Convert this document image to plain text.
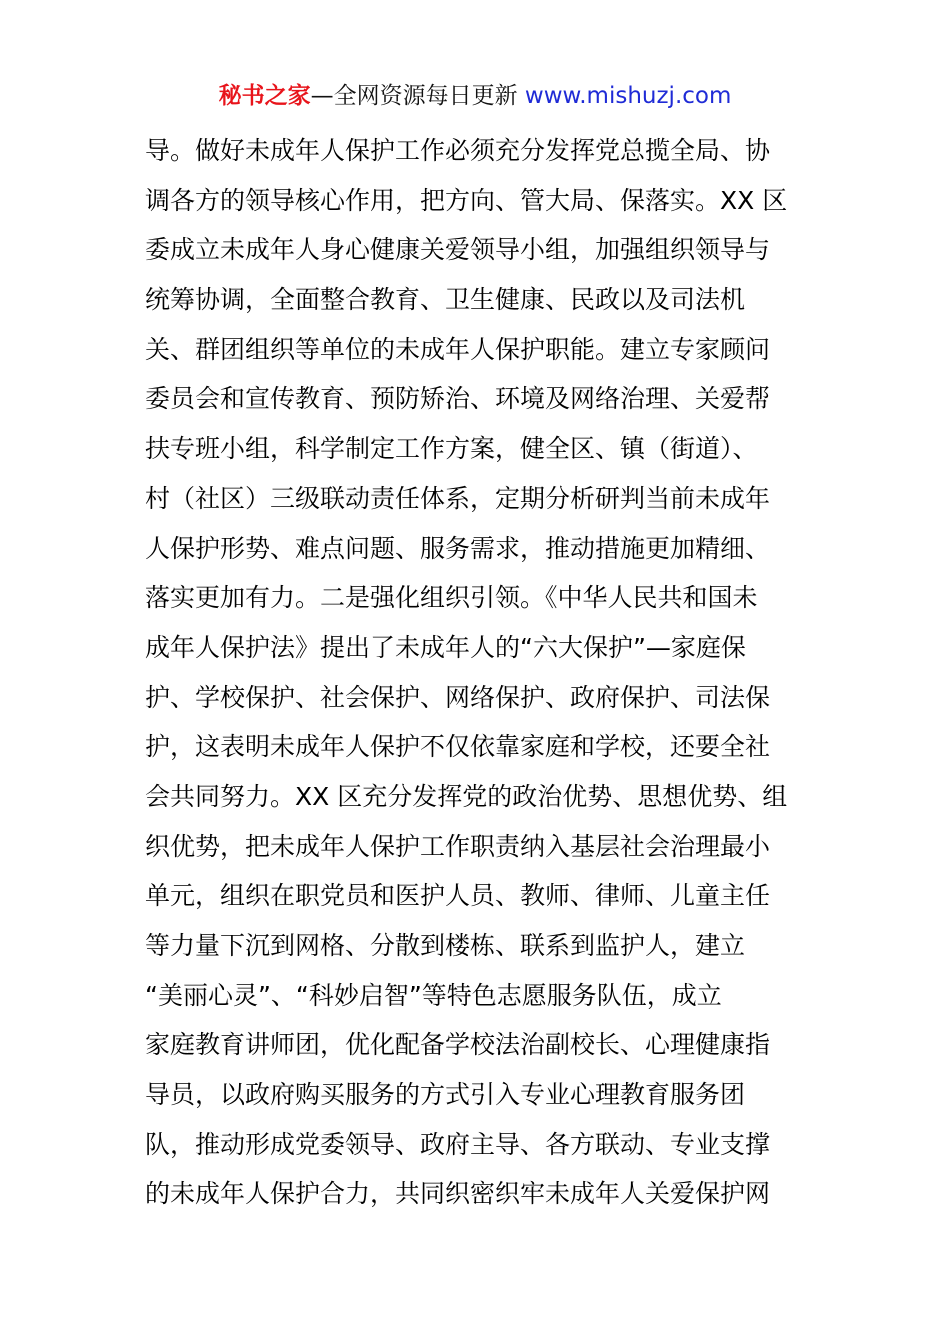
秘书之家—全网资源每日更新 www.mishuzj.com
导。做好未成年人保护工作必须充分发挥党总揽全局、协
调各方的领导核心作用，把方向、管大局、保落实。XX 区
委成立未成年人身心健康关爱领导小组，加强组织领导与
统筹协调，全面整合教育、卫生健康、民政以及司法机
关、群团组织等单位的未成年人保护职能。建立专家顾问
委员会和宣传教育、预防矫治、环境及网络治理、关爱帮
扶专班小组，科学制定工作方案，健全区、镇（街道）、
村（社区）三级联动责任体系，定期分析研判当前未成年
人保护形势、难点问题、服务需求，推动措施更加精细、
落实更加有力。二是强化组织引领。《中华人民共和国未
成年人保护法》提出了未成年人的“六大保护”—家庭保
护、学校保护、社会保护、网络保护、政府保护、司法保
护，这表明未成年人保护不仅依靠家庭和学校，还要全社
会共同努力。XX 区充分发挥党的政治优势、思想优势、组
织优势，把未成年人保护工作职责纳入基层社会治理最小
单元，组织在职党员和医护人员、教师、律师、儿童主任
等力量下沉到网格、分散到楼栋、联系到监护人，建立
“美丽心灵”、“科妙启智”等特色志愿服务队伍，成立
家庭教育讲师团，优化配备学校法治副校长、心理健康指
导员，以政府购买服务的方式引入专业心理教育服务团
队，推动形成党委领导、政府主导、各方联动、专业支撑
的未成年人保护合力，共同织密织牢未成年人关爱保护网
